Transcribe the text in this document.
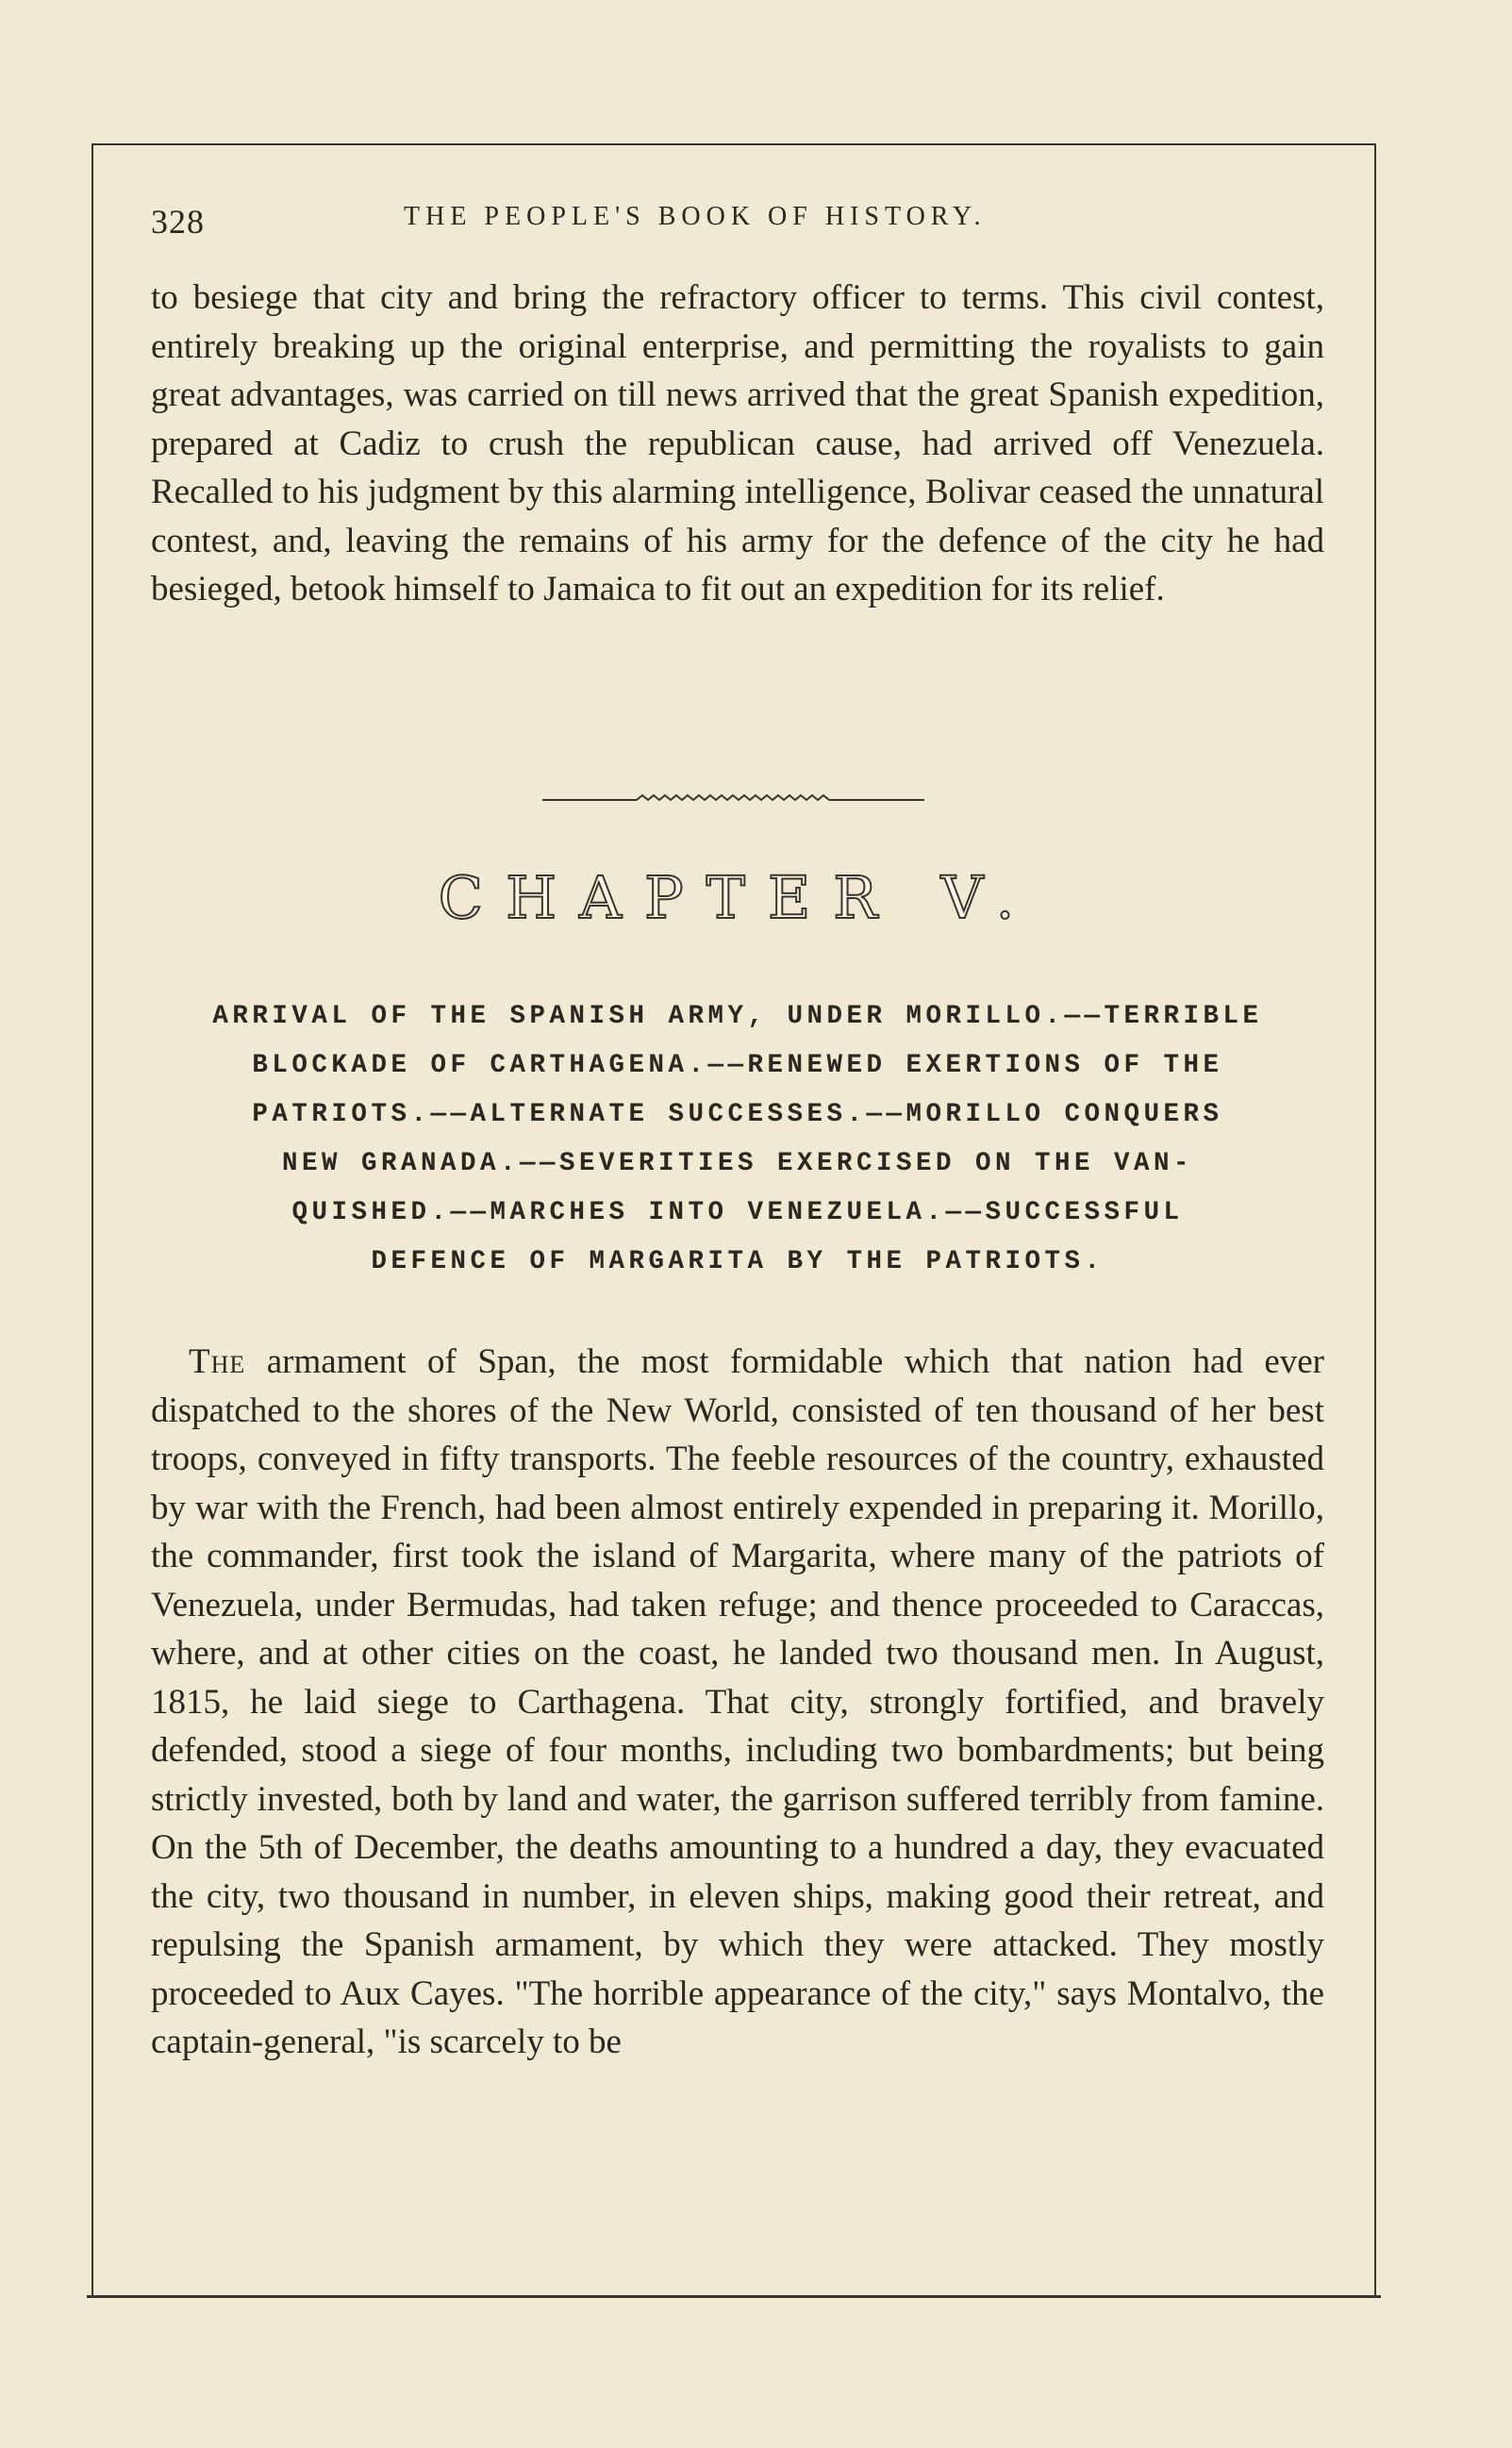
328	THE PEOPLE'S BOOK OF HISTORY.

to besiege that city and bring the refractory officer to terms. This civil contest, entirely breaking up the original enterprise, and permitting the royalists to gain great advantages, was carried on till news arrived that the great Spanish expedition, prepared at Cadiz to crush the republican cause, had arrived off Venezuela. Recalled to his judgment by this alarming intelligence, Bolivar ceased the unnatural contest, and, leaving the remains of his army for the defence of the city he had besieged, betook himself to Jamaica to fit out an expedition for its relief.

CHAPTER V.
ARRIVAL OF THE SPANISH ARMY, UNDER MORILLO.——TERRIBLE
BLOCKADE OF CARTHAGENA.——RENEWED EXERTIONS OF THE
PATRIOTS.——ALTERNATE SUCCESSES.——MORILLO CONQUERS
NEW GRANADA.——SEVERITIES EXERCISED ON THE VAN-
QUISHED.——MARCHES INTO VENEZUELA.——SUCCESSFUL
DEFENCE OF MARGARITA BY THE PATRIOTS.

The armament of Span, the most formidable which that nation had ever dispatched to the shores of the New World, consisted of ten thousand of her best troops, conveyed in fifty transports. The feeble resources of the country, exhausted by war with the French, had been almost entirely expended in preparing it. Morillo, the commander, first took the island of Margarita, where many of the patriots of Venezuela, under Bermudas, had taken refuge; and thence proceeded to Caraccas, where, and at other cities on the coast, he landed two thousand men. In August, 1815, he laid siege to Carthagena. That city, strongly fortified, and bravely defended, stood a siege of four months, including two bombardments; but being strictly invested, both by land and water, the garrison suffered terribly from famine. On the 5th of December, the deaths amounting to a hundred a day, they evacuated the city, two thousand in number, in eleven ships, making good their retreat, and repulsing the Spanish armament, by which they were attacked. They mostly proceeded to Aux Cayes. "The horrible appearance of the city," says Montalvo, the captain-general, "is scarcely to be
